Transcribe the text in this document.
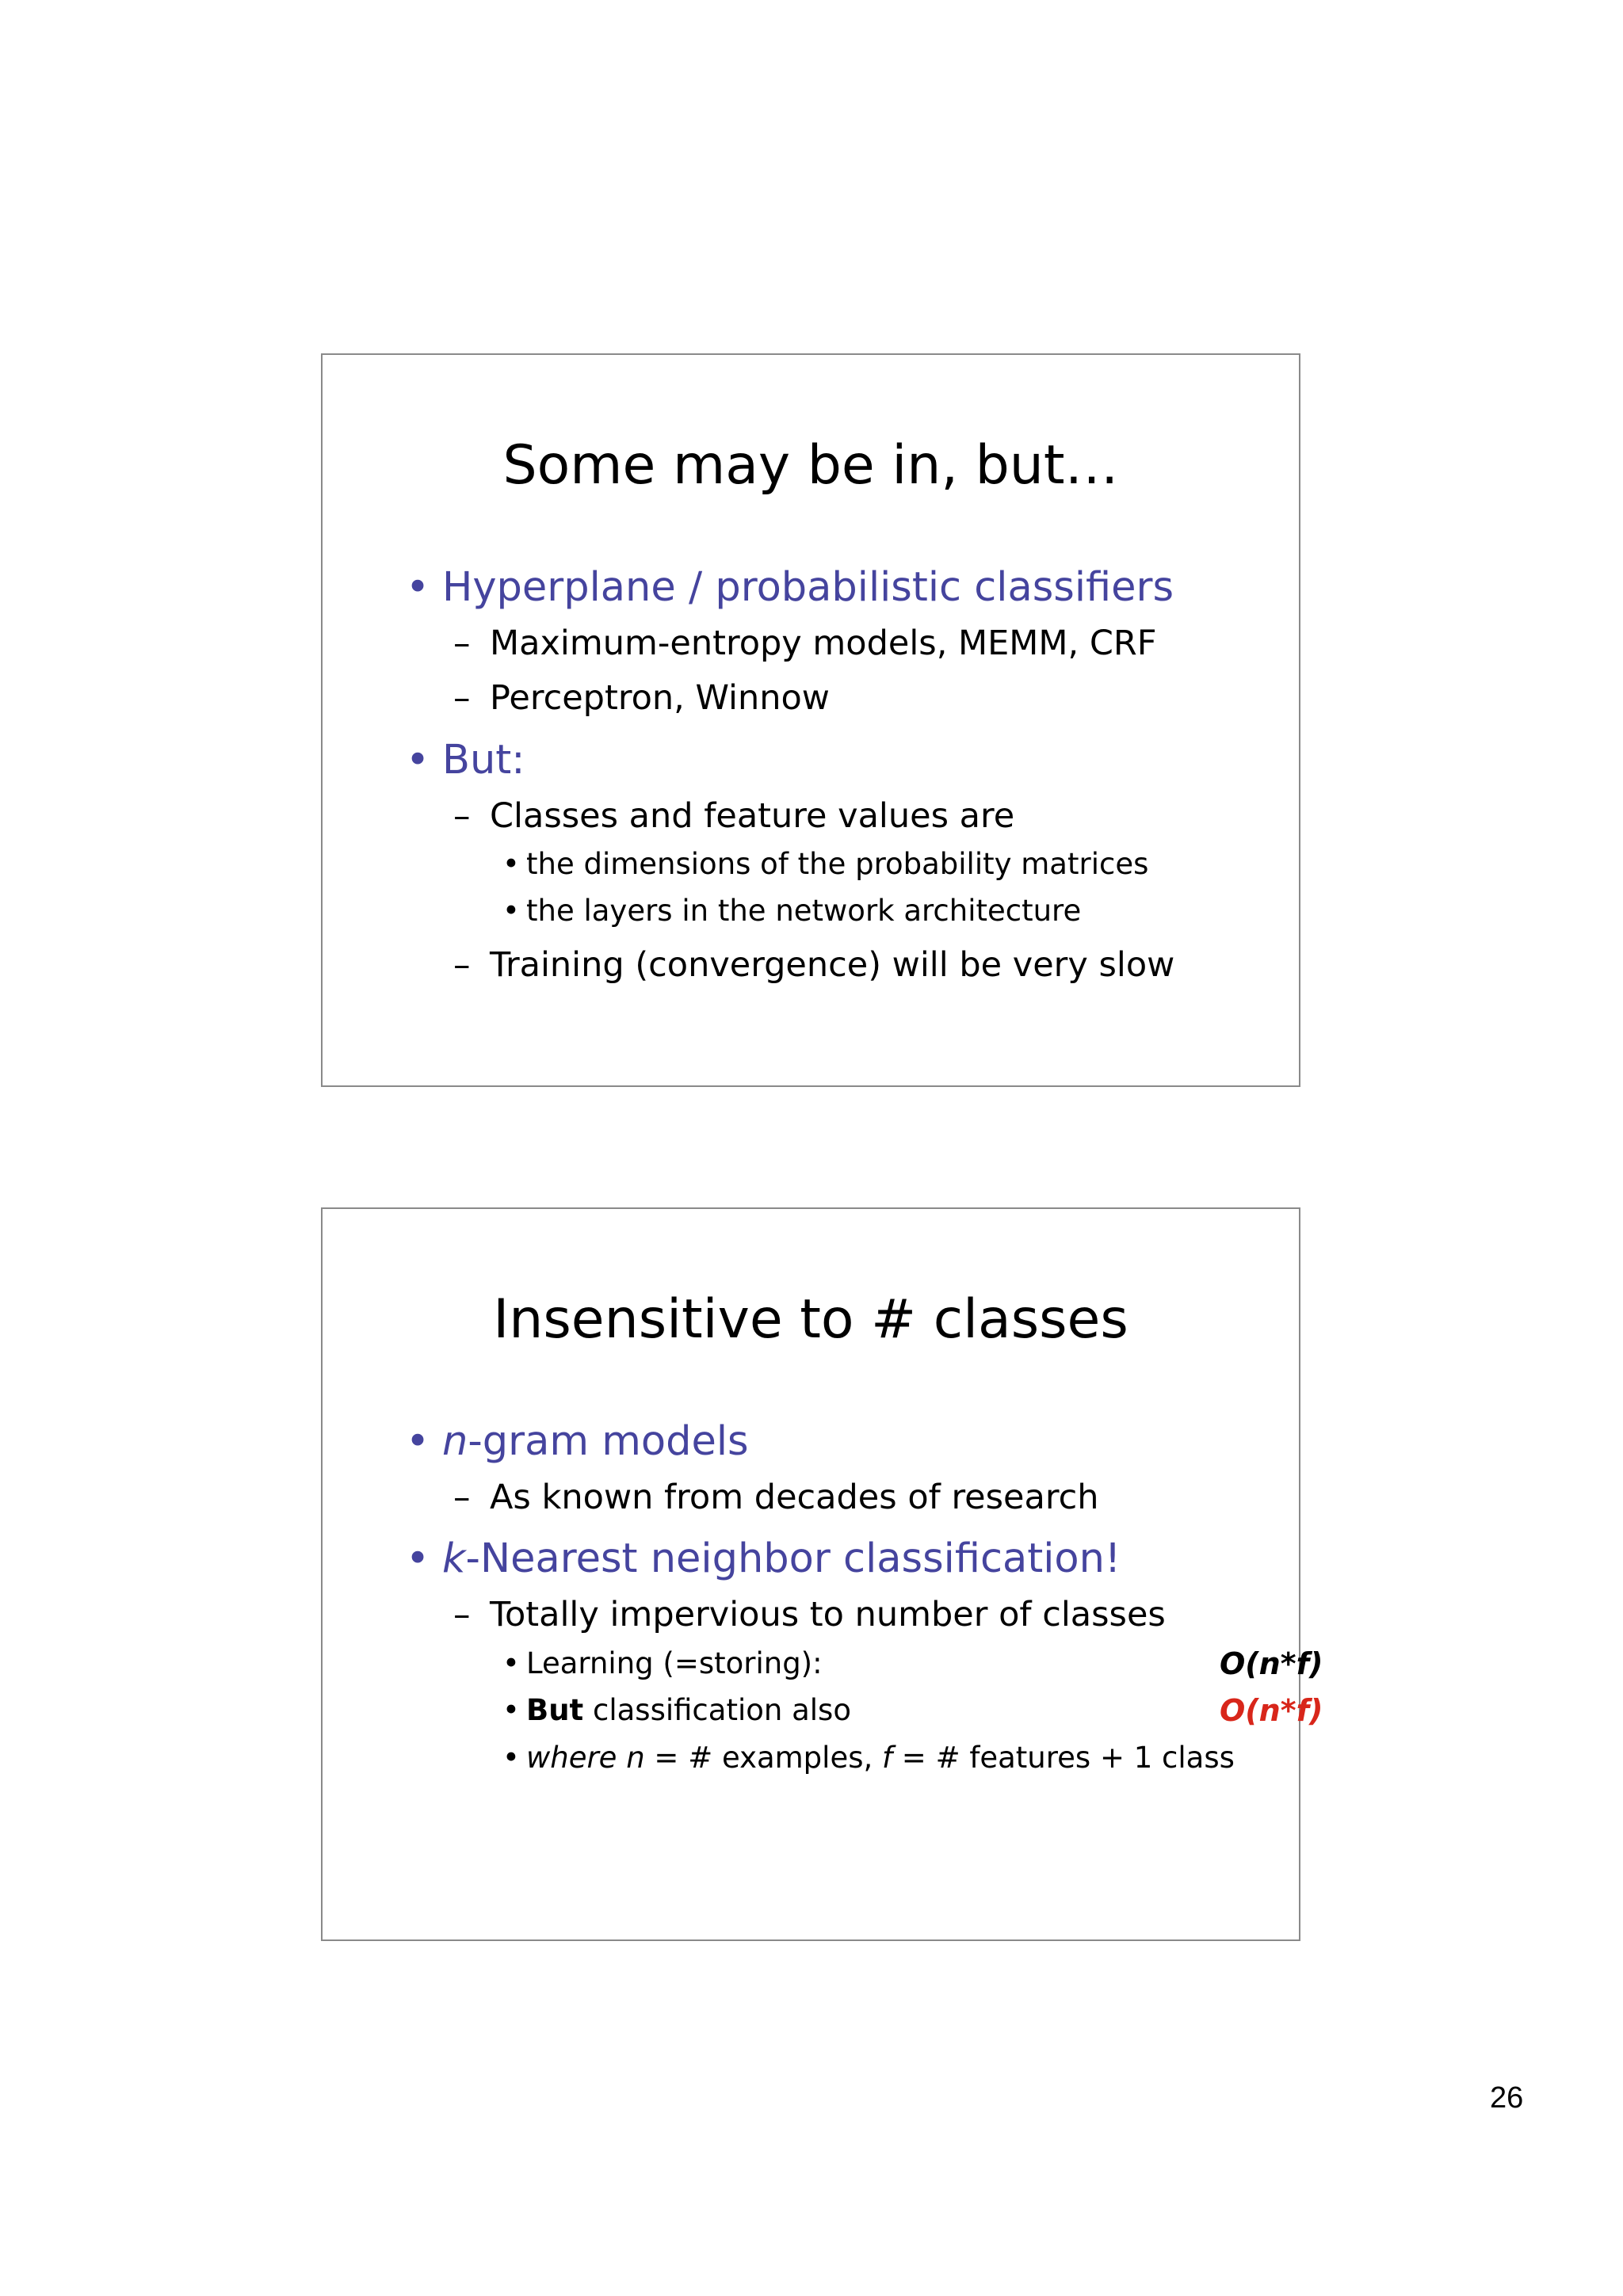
Some may be in, but…
• Hyperplane / probabilistic classifiers
– Maximum-entropy models, MEMM, CRF
– Perceptron, Winnow
• But:
– Classes and feature values are
• the dimensions of the probability matrices
• the layers in the network architecture
– Training (convergence) will be very slow
Insensitive to # classes
• n-gram models
– As known from decades of research
• k-Nearest neighbor classification!
– Totally impervious to number of classes
• Learning (=storing):	O(n*f)
• But classification also	O(n*f)
• where n = # examples, f = # features + 1 class
26
